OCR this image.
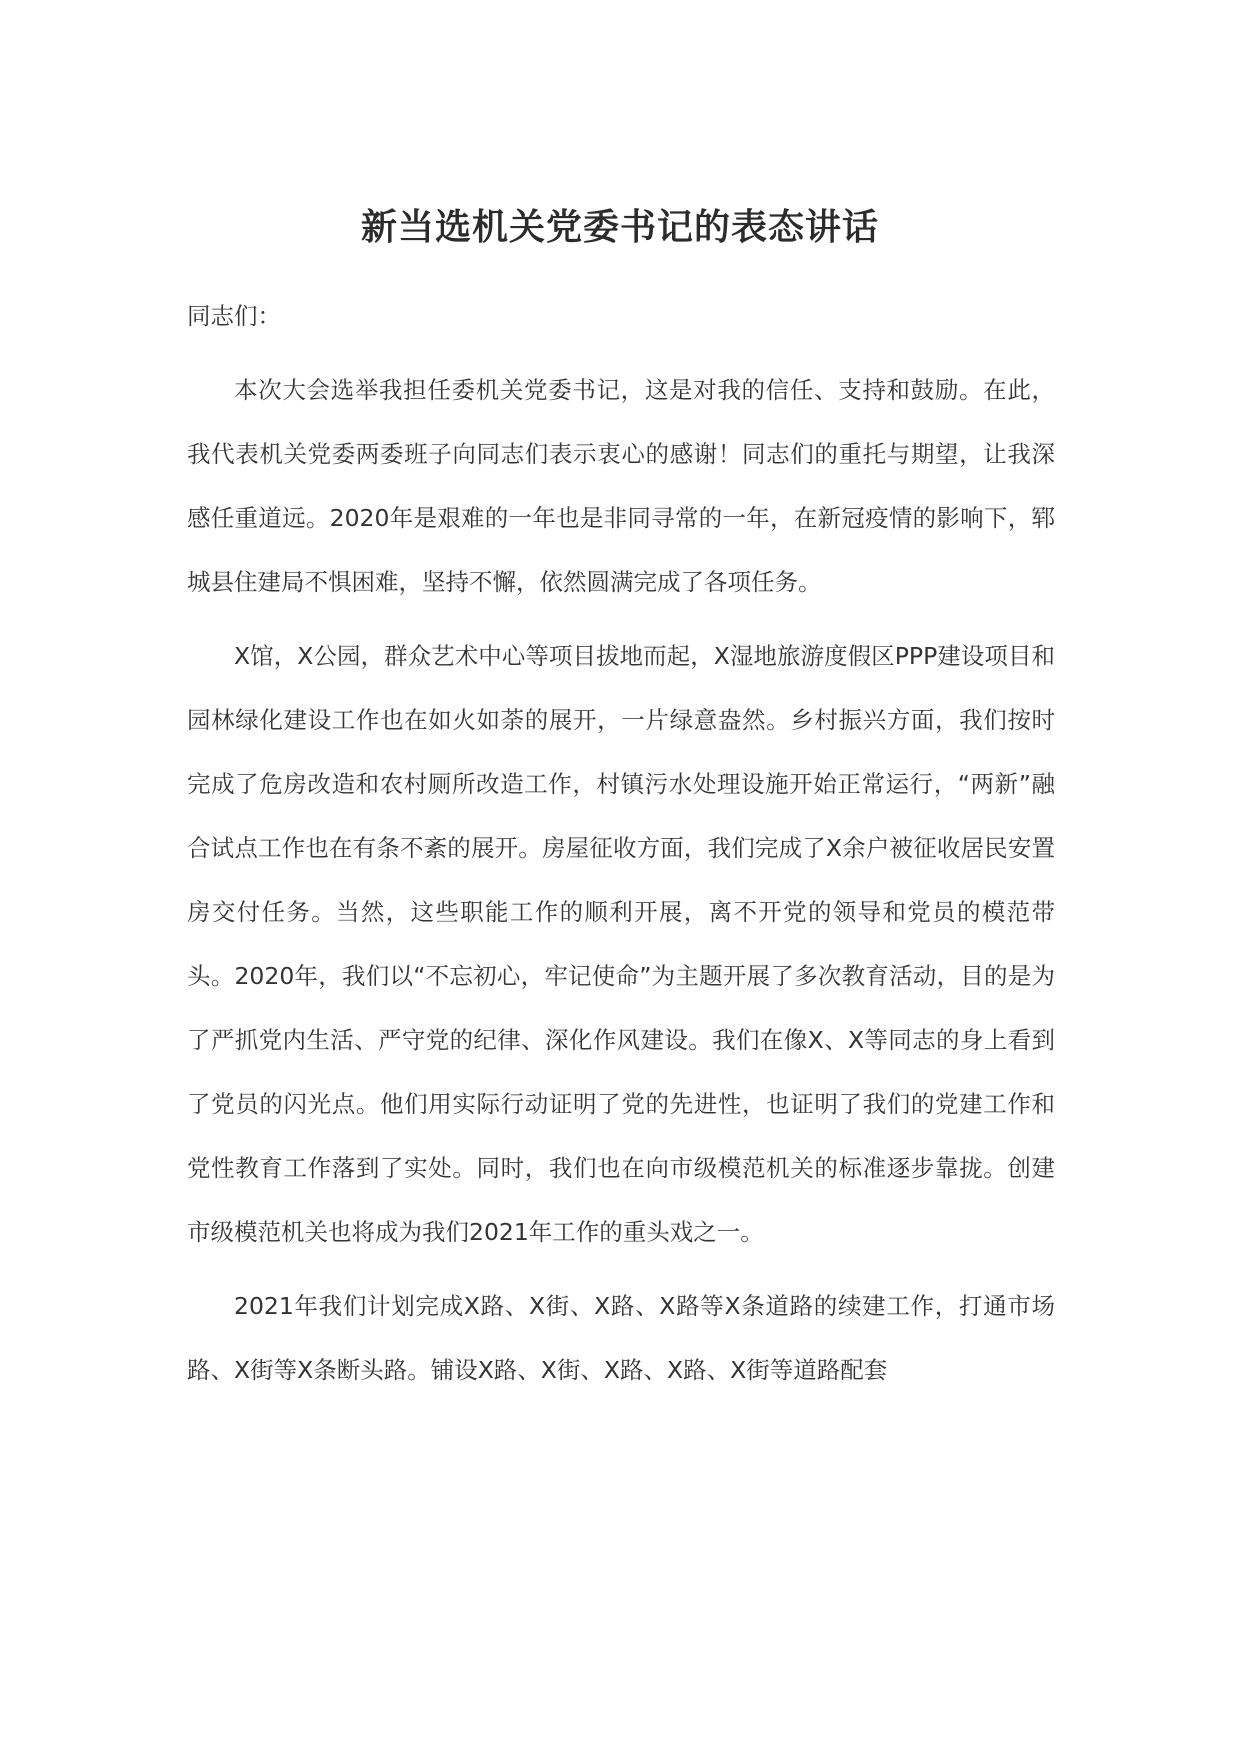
新当选机关党委书记的表态讲话

同志们：

本次大会选举我担任委机关党委书记，这是对我的信任、支持和鼓励。在此，我代表机关党委两委班子向同志们表示衷心的感谢！同志们的重托与期望，让我深感任重道远。2020年是艰难的一年也是非同寻常的一年，在新冠疫情的影响下，郓城县住建局不惧困难，坚持不懈，依然圆满完成了各项任务。

X馆，X公园，群众艺术中心等项目拔地而起，X湿地旅游度假区PPP建设项目和园林绿化建设工作也在如火如荼的展开，一片绿意盎然。乡村振兴方面，我们按时完成了危房改造和农村厕所改造工作，村镇污水处理设施开始正常运行，“两新”融合试点工作也在有条不紊的展开。房屋征收方面，我们完成了X余户被征收居民安置房交付任务。当然，这些职能工作的顺利开展，离不开党的领导和党员的模范带头。2020年，我们以“不忘初心，牢记使命”为主题开展了多次教育活动，目的是为了严抓党内生活、严守党的纪律、深化作风建设。我们在像X、X等同志的身上看到了党员的闪光点。他们用实际行动证明了党的先进性，也证明了我们的党建工作和党性教育工作落到了实处。同时，我们也在向市级模范机关的标准逐步靠拢。创建市级模范机关也将成为我们2021年工作的重头戏之一。

2021年我们计划完成X路、X街、X路、X路等X条道路的续建工作，打通市场路、X街等X条断头路。铺设X路、X街、X路、X路、X街等道路配套
